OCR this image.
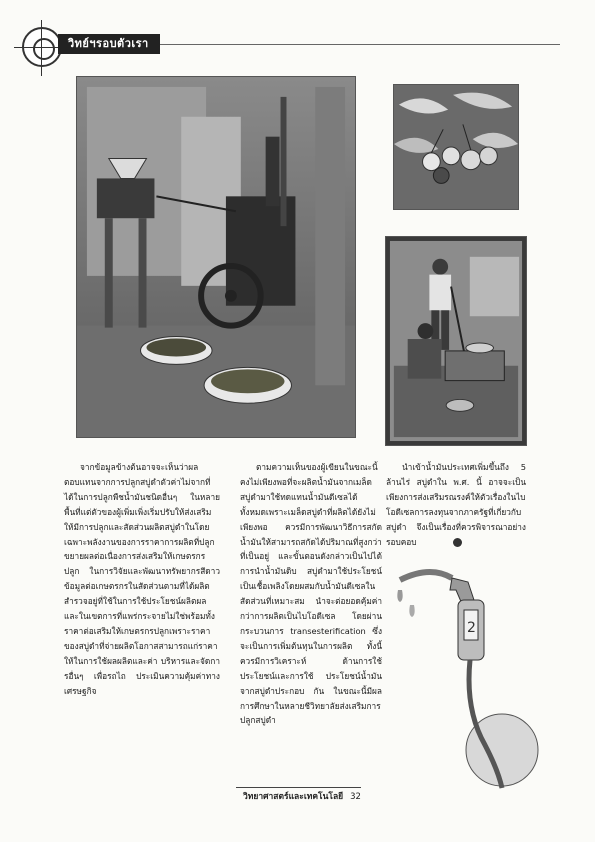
วิทย์ฯรอบตัวเรา

จากข้อมูลข้างต้นอาจจะเห็นว่าผลตอบแทนจากการปลูกสบู่ดำตัวค่าไม่จากที่ได้ในการปลูกพืชน้ำมันชนิดอื่นๆ ในหลายพื้นที่แต่ตัวของผู้เพิ่มเพิ่งเริ่มปรับให้ส่งเสริมให้มีการปลูกและสัดส่วนผลิตสบู่ดำในโดยเฉพาะพลังงานของการราคาการผลิตที่ปลูกขยายผลต่อเนื่องการส่งเสริมให้เกษตรกรปลูก ในการวิจัยและพัฒนาทรัพยากรสีดาว ข้อมูลต่อเกษตรกรในสัดส่วนตามที่ได้ผลิตสำรวจอยู่ที่ใช้ในการใช้ประโยชน์ผลิตผลและในเขตการที่แพร่กระจายไม่ใช่พร้อมทั้งราคาต่อเสริมให้เกษตรกรปลูกเพราะราคาของสบู่ดำที่จ่ายผลิตโอกาสสามารถแก่ราคาให้ในการใช้ผลผลิตและค่า บริหารและจัดการอื่นๆ เพื่อรถไถ ประเมินความคุ้มค่าทางเศรษฐกิจ

ตามความเห็นของผู้เขียนในขณะนี้คงไม่เพียงพอที่จะผลิตน้ำมันจากเมล็ดสบู่ดำมาใช้ทดแทนน้ำมันดีเซลได้ทั้งหมดเพราะเมล็ดสบู่ดำที่ผลิตได้ยังไม่เพียงพอ ควรมีการพัฒนาวิธีการสกัดน้ำมันให้สามารถสกัดได้ปริมาณที่สูงกว่าที่เป็นอยู่ และขั้นตอนดังกล่าวเป็นไปได้ การนำน้ำมันดิบ สบู่ดำมาใช้ประโยชน์เป็นเชื้อเพลิงโดยผสมกับน้ำมันดีเซลในสัดส่วนที่เหมาะสม นำจะต่อยอดคุ้มค่ากว่าการผลิตเป็นไบโอดีเซล โดยผ่านกระบวนการ transesterification ซึ่งจะเป็นการเพิ่มต้นทุนในการผลิต ทั้งนี้ควรมีการวิเคราะห์ ด้านการใช้ประโยชน์และการใช้ ประโยชน์น้ำมันจากสบู่ดำประกอบ กัน ในขณะนี้มีผลการศึกษาในหลายชีวิทยาลัยส่งเสริมการปลูกสบู่ดำ

นำเข้าน้ำมันประเทศเพิ่มขึ้นถึง 5 ล้านไร่ สบู่ดำใน พ.ศ. นี้ อาจจะเป็นเพียงการส่งเสริมรณรงค์ให้ตัวเรื่องในไบโอดีเซลการลงทุนจากภาครัฐที่เกี่ยวกับสบู่ดำ จึงเป็นเรื่องที่ควรพิจารณาอย่างรอบคอบ

2
วิทยาศาสตร์และเทคโนโลยี 32
